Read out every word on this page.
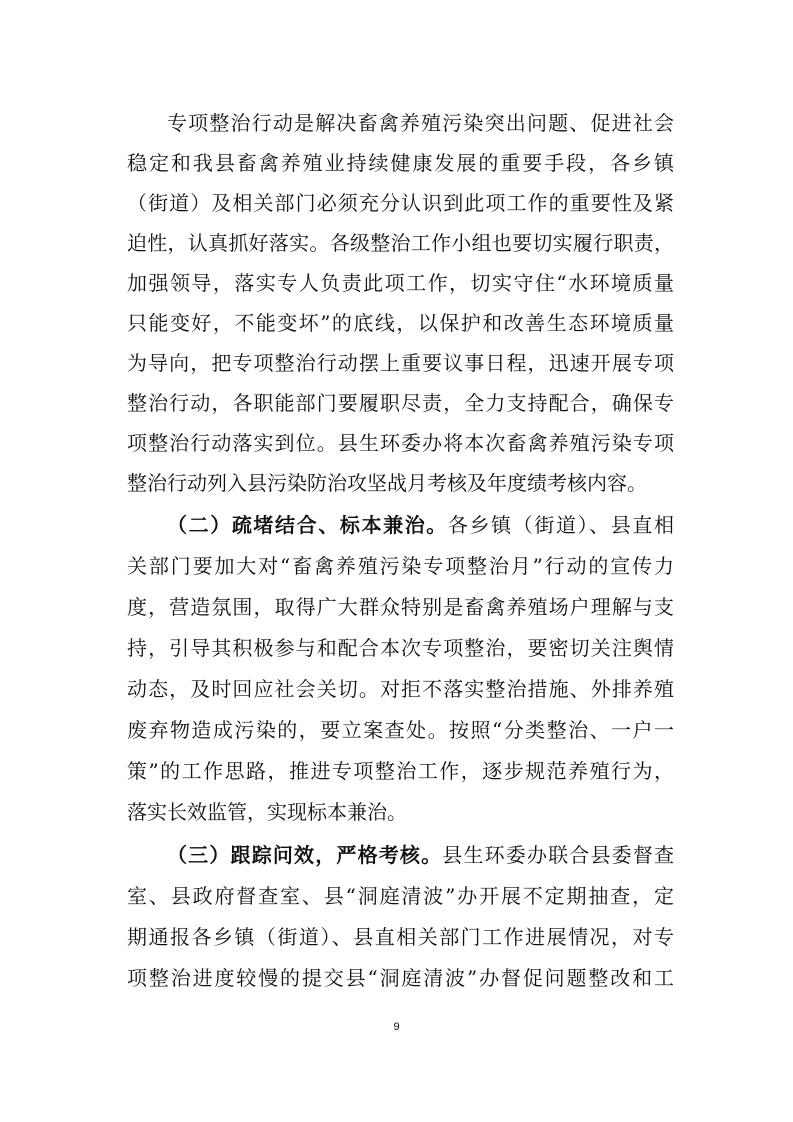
专项整治行动是解决畜禽养殖污染突出问题、促进社会
稳定和我县畜禽养殖业持续健康发展的重要手段，各乡镇
（街道）及相关部门必须充分认识到此项工作的重要性及紧
迫性，认真抓好落实。各级整治工作小组也要切实履行职责，
加强领导，落实专人负责此项工作，切实守住“水环境质量
只能变好，不能变坏”的底线，以保护和改善生态环境质量
为导向，把专项整治行动摆上重要议事日程，迅速开展专项
整治行动，各职能部门要履职尽责，全力支持配合，确保专
项整治行动落实到位。县生环委办将本次畜禽养殖污染专项
整治行动列入县污染防治攻坚战月考核及年度绩考核内容。
（二）疏堵结合、标本兼治。各乡镇（街道）、县直相
关部门要加大对“畜禽养殖污染专项整治月”行动的宣传力
度，营造氛围，取得广大群众特别是畜禽养殖场户理解与支
持，引导其积极参与和配合本次专项整治，要密切关注舆情
动态，及时回应社会关切。对拒不落实整治措施、外排养殖
废弃物造成污染的，要立案查处。按照“分类整治、一户一
策”的工作思路，推进专项整治工作，逐步规范养殖行为，
落实长效监管，实现标本兼治。
（三）跟踪问效，严格考核。县生环委办联合县委督查
室、县政府督查室、县“洞庭清波”办开展不定期抽查，定
期通报各乡镇（街道）、县直相关部门工作进展情况，对专
项整治进度较慢的提交县“洞庭清波”办督促问题整改和工
9
